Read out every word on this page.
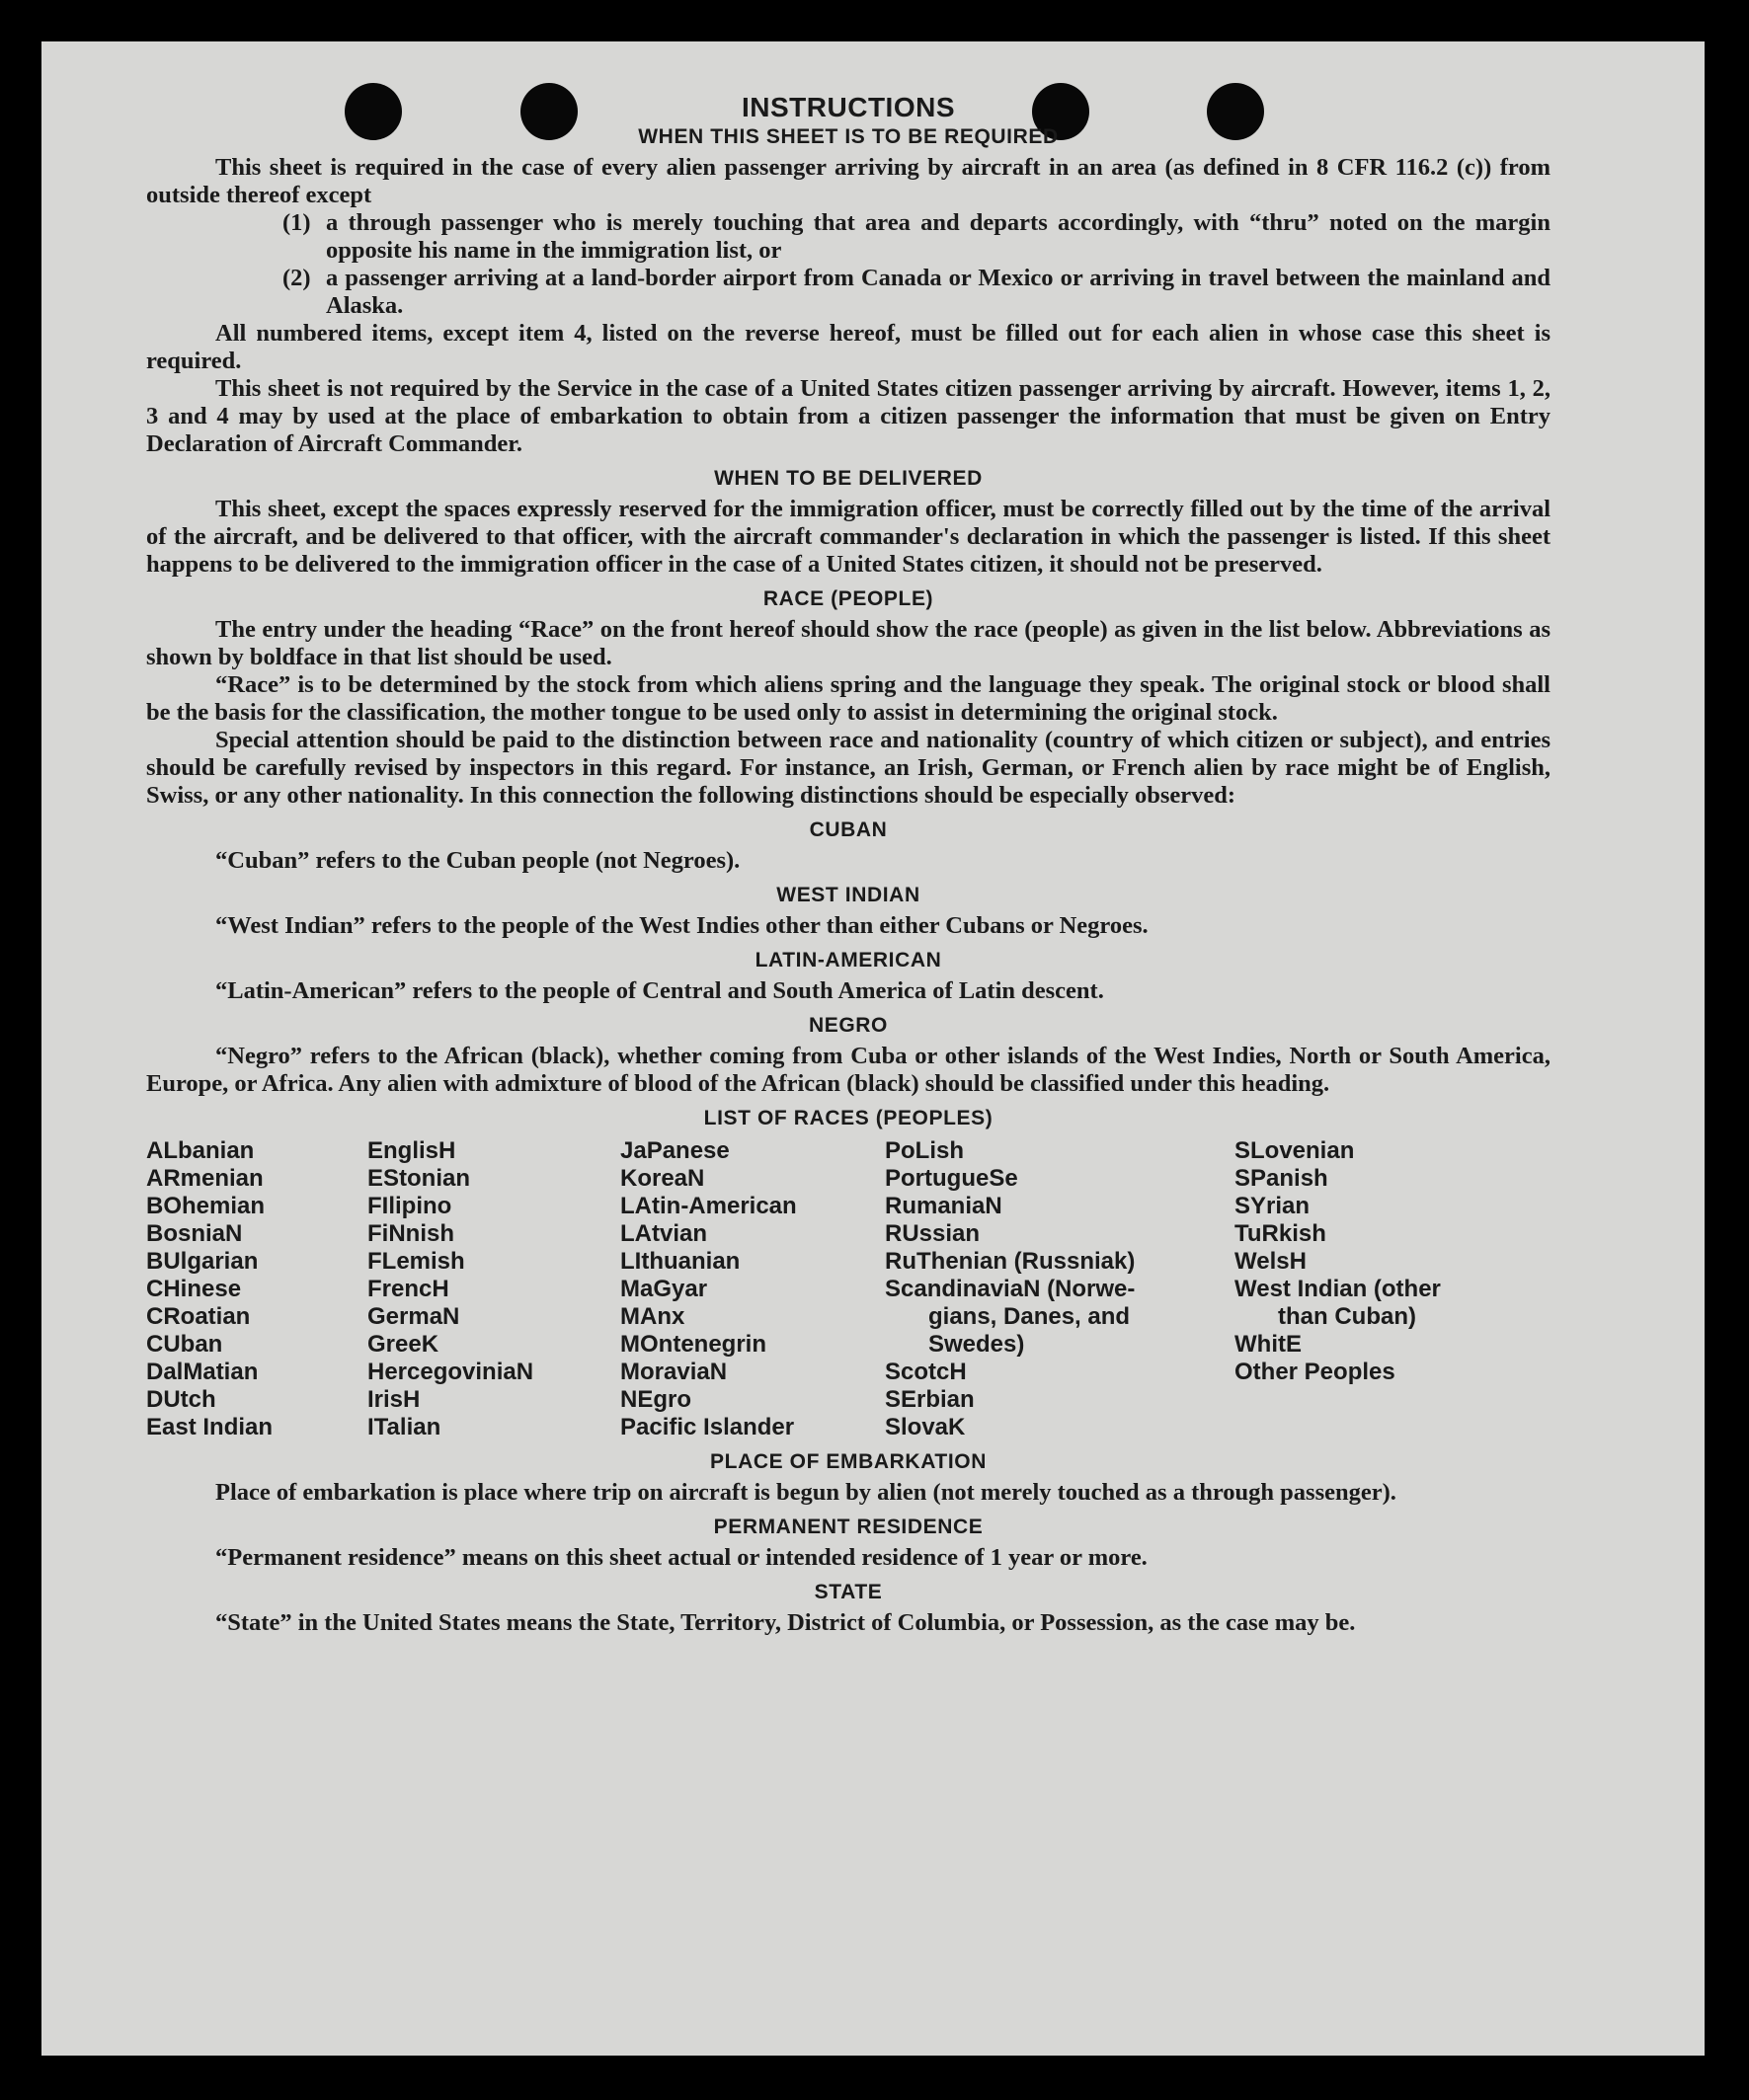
INSTRUCTIONS
WHEN THIS SHEET IS TO BE REQUIRED

This sheet is required in the case of every alien passenger arriving by aircraft in an area (as defined in 8 CFR 116.2 (c)) from outside thereof except

(1) a through passenger who is merely touching that area and departs accordingly, with “thru” noted on the margin opposite his name in the immigration list, or
(2) a passenger arriving at a land-border airport from Canada or Mexico or arriving in travel between the mainland and Alaska.

All numbered items, except item 4, listed on the reverse hereof, must be filled out for each alien in whose case this sheet is required.

This sheet is not required by the Service in the case of a United States citizen passenger arriving by aircraft. However, items 1, 2, 3 and 4 may by used at the place of embarkation to obtain from a citizen passenger the information that must be given on Entry Declaration of Aircraft Commander.

WHEN TO BE DELIVERED

This sheet, except the spaces expressly reserved for the immigration officer, must be correctly filled out by the time of the arrival of the aircraft, and be delivered to that officer, with the aircraft commander's declaration in which the passenger is listed. If this sheet happens to be delivered to the immigration officer in the case of a United States citizen, it should not be preserved.

RACE (PEOPLE)

The entry under the heading “Race” on the front hereof should show the race (people) as given in the list below. Abbreviations as shown by boldface in that list should be used.

“Race” is to be determined by the stock from which aliens spring and the language they speak. The original stock or blood shall be the basis for the classification, the mother tongue to be used only to assist in determining the original stock.

Special attention should be paid to the distinction between race and nationality (country of which citizen or subject), and entries should be carefully revised by inspectors in this regard. For instance, an Irish, German, or French alien by race might be of English, Swiss, or any other nationality. In this connection the following distinctions should be especially observed:

CUBAN

“Cuban” refers to the Cuban people (not Negroes).

WEST INDIAN

“West Indian” refers to the people of the West Indies other than either Cubans or Negroes.

LATIN-AMERICAN

“Latin-American” refers to the people of Central and South America of Latin descent.

NEGRO

“Negro” refers to the African (black), whether coming from Cuba or other islands of the West Indies, North or South America, Europe, or Africa. Any alien with admixture of blood of the African (black) should be classified under this heading.

LIST OF RACES (PEOPLES)
ALbanian
ARmenian
BOhemian
BosniaN
BUlgarian
CHinese
CRoatian
CUban
DalMatian
DUtch
East Indian
EnglisH
EStonian
FIlipino
FiNnish
FLemish
FrencH
GermaN
GreeK
HercegoviniaN
IrisH
ITalian
JaPanese
KoreaN
LAtin-American
LAtvian
LIthuanian
MaGyar
MAnx
MOntenegrin
MoraviaN
NEgro
Pacific Islander
PoLish
PortugueSe
RumaniaN
RUssian
RuThenian (Russniak)
ScandinaviaN (Norwe-
gians, Danes, and
Swedes)
ScotcH
SErbian
SlovaK
SLovenian
SPanish
SYrian
TuRkish
WelsH
West Indian (other
than Cuban)
WhitE
Other Peoples
PLACE OF EMBARKATION

Place of embarkation is place where trip on aircraft is begun by alien (not merely touched as a through passenger).

PERMANENT RESIDENCE

“Permanent residence” means on this sheet actual or intended residence of 1 year or more.

STATE

“State” in the United States means the State, Territory, District of Columbia, or Possession, as the case may be.
